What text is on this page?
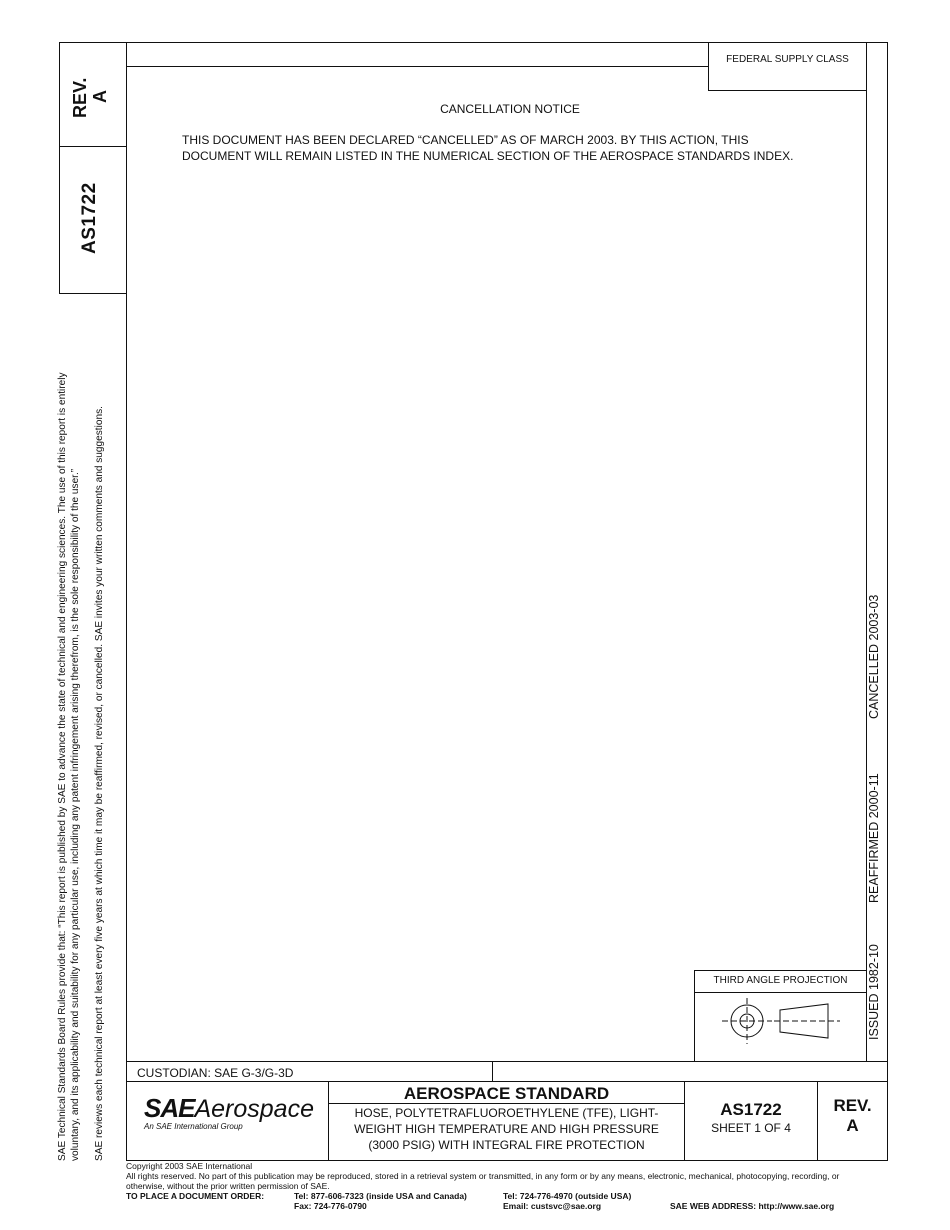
REV. A
AS1722
SAE Technical Standards Board Rules provide that: “This report is published by SAE to advance the state of technical and engineering sciences. The use of this report is entirely voluntary, and its applicability and suitability for any particular use, including any patent infringement arising therefrom, is the sole responsibility of the user.” SAE reviews each technical report at least every five years at which time it may be reaffirmed, revised, or cancelled. SAE invites your written comments and suggestions.
FEDERAL SUPPLY CLASS
CANCELLATION NOTICE
THIS DOCUMENT HAS BEEN DECLARED “CANCELLED” AS OF MARCH 2003. BY THIS ACTION, THIS
DOCUMENT WILL REMAIN LISTED IN THE NUMERICAL SECTION OF THE AEROSPACE STANDARDS INDEX.
CANCELLED 2003-03
REAFFIRMED 2000-11
ISSUED 1982-10
THIRD ANGLE PROJECTION
CUSTODIAN: SAE G-3/G-3D
SAEAerospace
An SAE International Group
AEROSPACE STANDARD
HOSE, POLYTETRAFLUOROETHYLENE (TFE), LIGHT-
WEIGHT HIGH TEMPERATURE AND HIGH PRESSURE
(3000 PSIG) WITH INTEGRAL FIRE PROTECTION
AS1722
SHEET 1 OF 4
REV.
A
Copyright 2003 SAE International
All rights reserved. No part of this publication may be reproduced, stored in a retrieval system or transmitted, in any form or by any means, electronic, mechanical, photocopying, recording, or
otherwise, without the prior written permission of SAE.
TO PLACE A DOCUMENT ORDER:	Tel: 877-606-7323 (inside USA and Canada)
Fax: 724-776-0790
Tel: 724-776-4970 (outside USA)
Email: custsvc@sae.org	SAE WEB ADDRESS: http://www.sae.org
